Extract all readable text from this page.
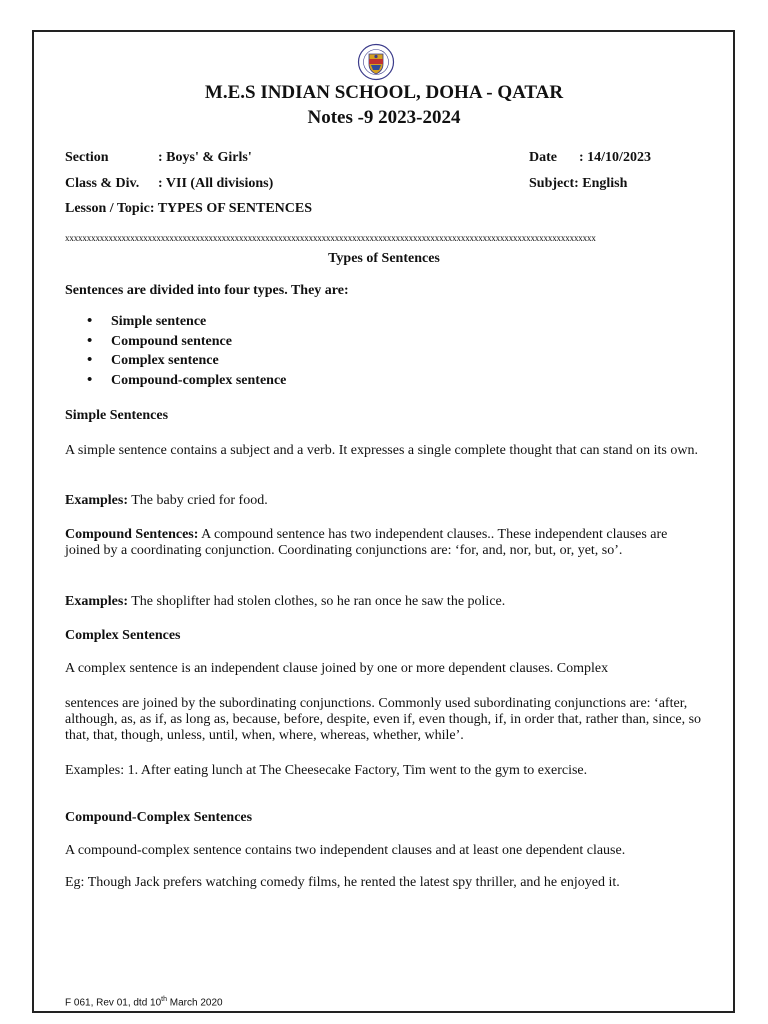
M.E.S INDIAN SCHOOL, DOHA - QATAR
Notes -9 2023-2024
Section	: Boys' & Girls'	Date : 14/10/2023
Class & Div. : VII (All divisions)	Subject: English
Lesson / Topic: TYPES OF SENTENCES
xxxxxxxxxxxxxxxxxxxxxxxxxxxxxxxxxxxxxxxxxxxxxxxxxxxxxxxxxxxxxxxxxxxxxxxxxxxxxxxxxxxxxxxxxxxxxxxxxxxxxxxxxxxxxxxxxxxxxxxxxx
Types of Sentences
Sentences are divided into four types. They are:
• Simple sentence
• Compound sentence
• Complex sentence
• Compound-complex sentence
Simple Sentences
A simple sentence contains a subject and a verb. It expresses a single complete thought that can stand on its own.
Examples: The baby cried for food.
Compound Sentences: A compound sentence has two independent clauses.. These independent clauses are joined by a coordinating conjunction. Coordinating conjunctions are: ‘for, and, nor, but, or, yet, so’.
Examples: The shoplifter had stolen clothes, so he ran once he saw the police.
Complex Sentences
A complex sentence is an independent clause joined by one or more dependent clauses. Complex
sentences are joined by the subordinating conjunctions. Commonly used subordinating conjunctions are: ‘after, although, as, as if, as long as, because, before, despite, even if, even though, if, in order that, rather than, since, so that, that, though, unless, until, when, where, whereas, whether, while’.
Examples: 1. After eating lunch at The Cheesecake Factory, Tim went to the gym to exercise.
Compound-Complex Sentences
A compound-complex sentence contains two independent clauses and at least one dependent clause.
Eg: Though Jack prefers watching comedy films, he rented the latest spy thriller, and he enjoyed it.
F 061, Rev 01, dtd 10th March 2020
